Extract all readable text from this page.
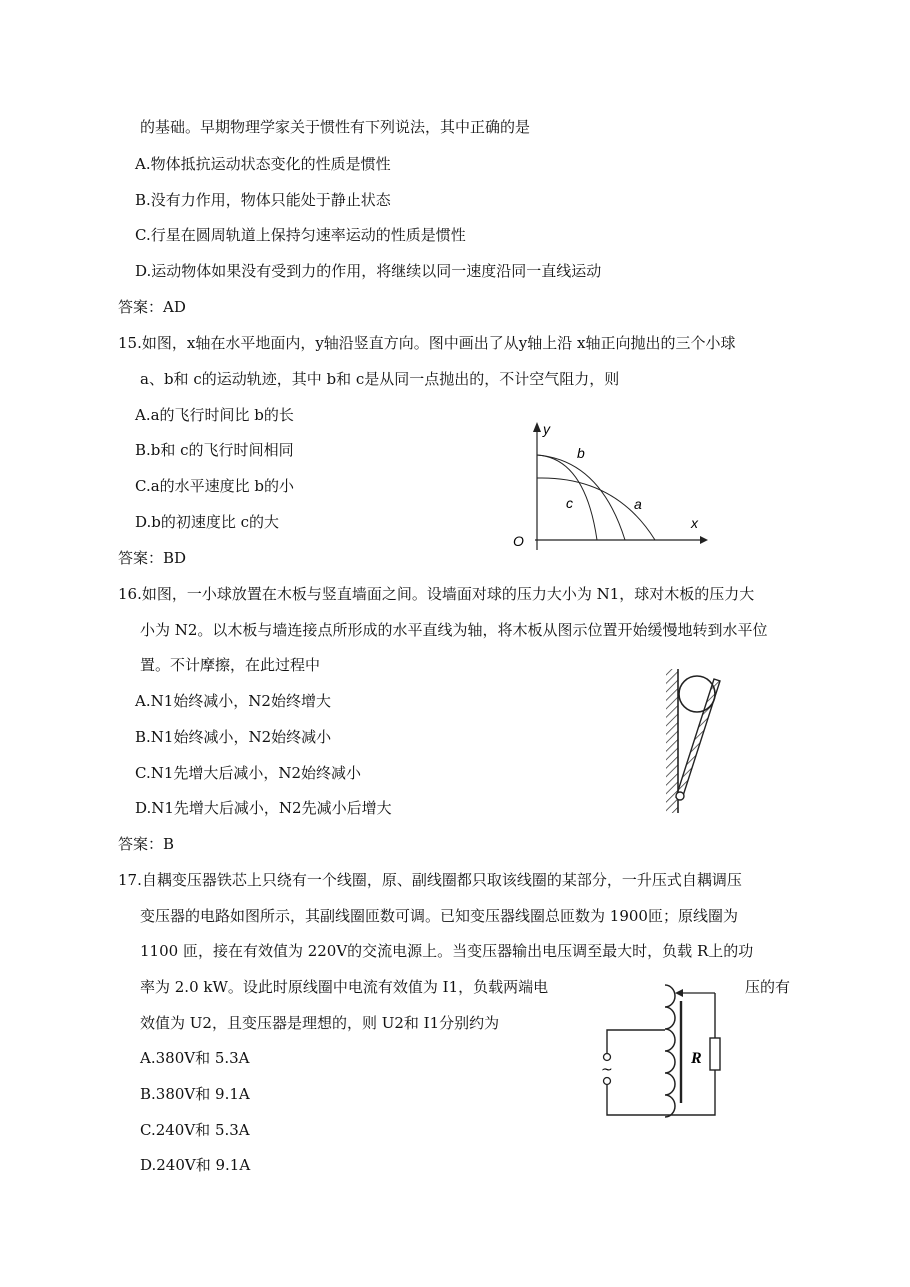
的基础。早期物理学家关于惯性有下列说法，其中正确的是
A.物体抵抗运动状态变化的性质是惯性
B.没有力作用，物体只能处于静止状态
C.行星在圆周轨道上保持匀速率运动的性质是惯性
D.运动物体如果没有受到力的作用，将继续以同一速度沿同一直线运动
答案：AD
15.如图，x轴在水平地面内，y轴沿竖直方向。图中画出了从y轴上沿 x轴正向抛出的三个小球
a、b和 c的运动轨迹，其中 b和 c是从同一点抛出的，不计空气阻力，则
A.a的飞行时间比 b的长
B.b和 c的飞行时间相同
C.a的水平速度比 b的小
D.b的初速度比 c的大
答案：BD
y
x
O
b
c	a
16.如图，一小球放置在木板与竖直墙面之间。设墙面对球的压力大小为 N1，球对木板的压力大
小为 N2。以木板与墙连接点所形成的水平直线为轴，将木板从图示位置开始缓慢地转到水平位
置。不计摩擦，在此过程中
A.N1始终减小，N2始终增大
B.N1始终减小，N2始终减小
C.N1先增大后减小，N2始终减小
D.N1先增大后减小，N2先减小后增大
答案：B
17.自耦变压器铁芯上只绕有一个线圈，原、副线圈都只取该线圈的某部分，一升压式自耦调压
变压器的电路如图所示，其副线圈匝数可调。已知变压器线圈总匝数为 1900匝；原线圈为
1100 匝，接在有效值为 220V的交流电源上。当变压器输出电压调至最大时，负载 R上的功
率为 2.0 kW。设此时原线圈中电流有效值为 I1，负载两端电	压的有
效值为 U2，且变压器是理想的，则 U2和 I1分别约为
A.380V和 5.3A
B.380V和 9.1A
C.240V和 5.3A
D.240V和 9.1A
R
~
